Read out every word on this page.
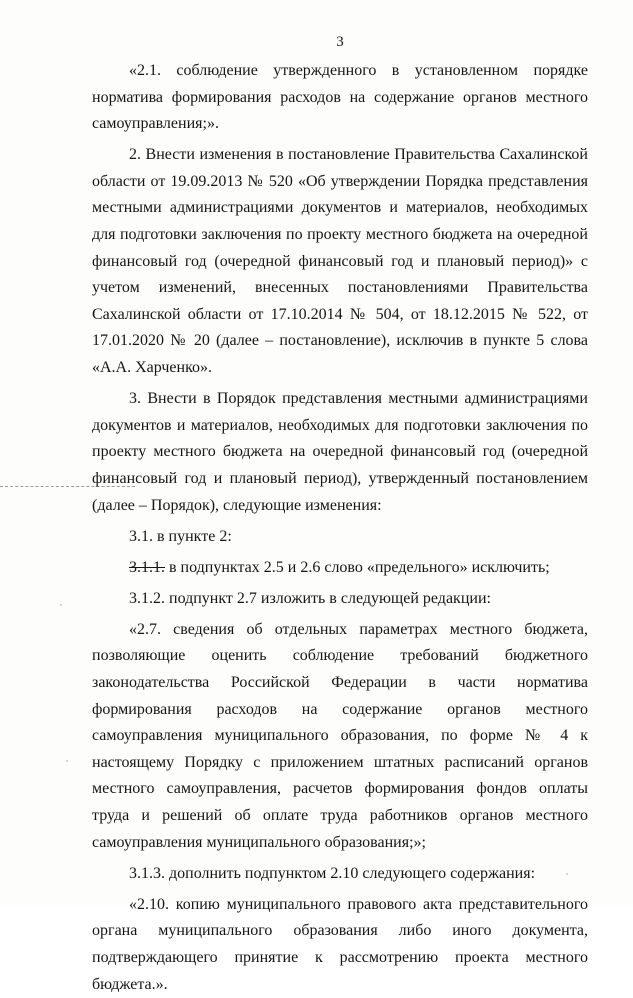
3

«2.1. соблюдение утвержденного в установленном порядке норматива формирования расходов на содержание органов местного самоуправления;».

2. Внести изменения в постановление Правительства Сахалинской области от 19.09.2013 № 520 «Об утверждении Порядка представления местными администрациями документов и материалов, необходимых для подготовки заключения по проекту местного бюджета на очередной финансовый год (очередной финансовый год и плановый период)» с учетом изменений, внесенных постановлениями Правительства Сахалинской области от 17.10.2014 № 504, от 18.12.2015 № 522, от 17.01.2020 № 20 (далее – постановление), исключив в пункте 5 слова «А.А. Харченко».

3. Внести в Порядок представления местными администрациями документов и материалов, необходимых для подготовки заключения по проекту местного бюджета на очередной финансовый год (очередной финансовый год и плановый период), утвержденный постановлением (далее – Порядок), следующие изменения:

3.1. в пункте 2:

3.1.1. в подпунктах 2.5 и 2.6 слово «предельного» исключить;

3.1.2. подпункт 2.7 изложить в следующей редакции:

«2.7. сведения об отдельных параметрах местного бюджета, позволяющие оценить соблюдение требований бюджетного законодательства Российской Федерации в части норматива формирования расходов на содержание органов местного самоуправления муниципального образования, по форме № 4 к настоящему Порядку с приложением штатных расписаний органов местного самоуправления, расчетов формирования фондов оплаты труда и решений об оплате труда работников органов местного самоуправления муниципального образования;»;

3.1.3. дополнить подпунктом 2.10 следующего содержания:

«2.10. копию муниципального правового акта представительного органа муниципального образования либо иного документа, подтверждающего принятие к рассмотрению проекта местного бюджета.».
